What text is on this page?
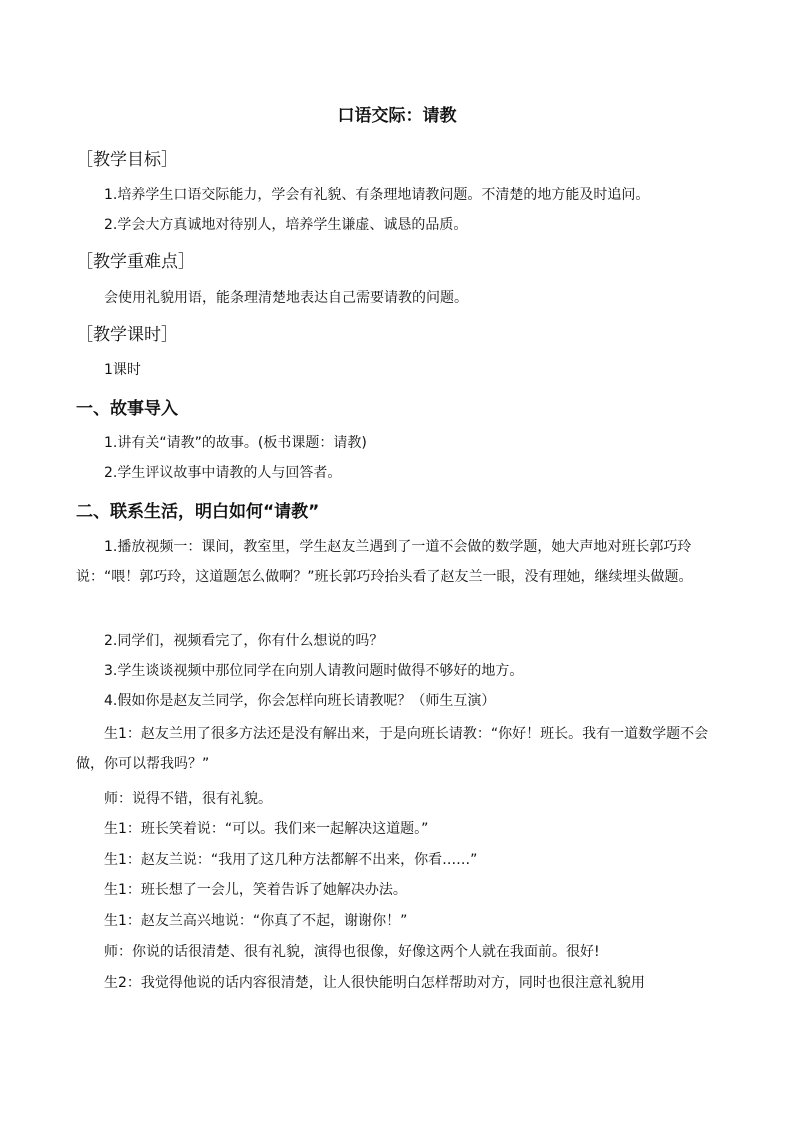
口语交际：请教
［教学目标］
1.培养学生口语交际能力，学会有礼貌、有条理地请教问题。不清楚的地方能及时追问。
2.学会大方真诚地对待别人，培养学生谦虚、诚恳的品质。
［教学重难点］
会使用礼貌用语，能条理清楚地表达自己需要请教的问题。
［教学课时］
1课时
一、故事导入
1.讲有关“请教”的故事。(板书课题：请教)
2.学生评议故事中请教的人与回答者。
二、联系生活，明白如何“请教”
1.播放视频一：课间，教室里，学生赵友兰遇到了一道不会做的数学题，她大声地对班长郭巧玲说：“喂！郭巧玲，这道题怎么做啊？”班长郭巧玲抬头看了赵友兰一眼，没有理她，继续埋头做题。
2.同学们，视频看完了，你有什么想说的吗？
3.学生谈谈视频中那位同学在向别人请教问题时做得不够好的地方。
4.假如你是赵友兰同学，你会怎样向班长请教呢？（师生互演）
生1：赵友兰用了很多方法还是没有解出来，于是向班长请教：“你好！班长。我有一道数学题不会做，你可以帮我吗？”
师：说得不错，很有礼貌。
生1：班长笑着说：“可以。我们来一起解决这道题。”
生1：赵友兰说：“我用了这几种方法都解不出来，你看……”
生1：班长想了一会儿，笑着告诉了她解决办法。
生1：赵友兰高兴地说：“你真了不起，谢谢你！”
师：你说的话很清楚、很有礼貌，演得也很像，好像这两个人就在我面前。很好!
生2：我觉得他说的话内容很清楚，让人很快能明白怎样帮助对方，同时也很注意礼貌用
